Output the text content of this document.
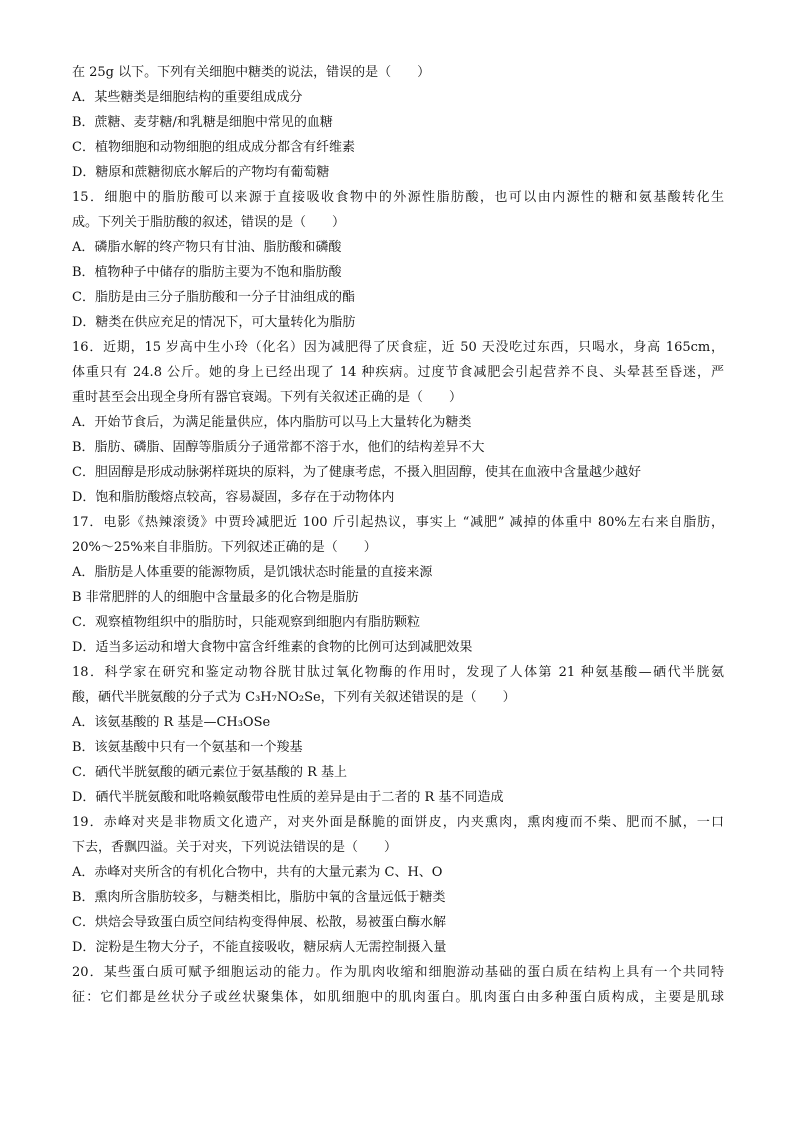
在 25g 以下。下列有关细胞中糖类的说法，错误的是（　　）
A．某些糖类是细胞结构的重要组成成分
B．蔗糖、麦芽糖/和乳糖是细胞中常见的血糖
C．植物细胞和动物细胞的组成成分都含有纤维素
D．糖原和蔗糖彻底水解后的产物均有葡萄糖
15．细胞中的脂肪酸可以来源于直接吸收食物中的外源性脂肪酸，也可以由内源性的糖和氨基酸转化生
成。下列关于脂肪酸的叙述，错误的是（　　）
A．磷脂水解的终产物只有甘油、脂肪酸和磷酸
B．植物种子中储存的脂肪主要为不饱和脂肪酸
C．脂肪是由三分子脂肪酸和一分子甘油组成的酯
D．糖类在供应充足的情况下，可大量转化为脂肪
16．近期，15 岁高中生小玲（化名）因为减肥得了厌食症，近 50 天没吃过东西，只喝水，身高 165cm，
体重只有 24.8 公斤。她的身上已经出现了 14 种疾病。过度节食减肥会引起营养不良、头晕甚至昏迷，严
重时甚至会出现全身所有器官衰竭。下列有关叙述正确的是（　　）
A．开始节食后，为满足能量供应，体内脂肪可以马上大量转化为糖类
B．脂肪、磷脂、固醇等脂质分子通常都不溶于水，他们的结构差异不大
C．胆固醇是形成动脉粥样斑块的原料，为了健康考虑，不摄入胆固醇，使其在血液中含量越少越好
D．饱和脂肪酸熔点较高，容易凝固，多存在于动物体内
17．电影《热辣滚烫》中贾玲减肥近 100 斤引起热议，事实上 “减肥” 减掉的体重中 80%左右来自脂肪，
20%～25%来自非脂肪。下列叙述正确的是（　　）
A．脂肪是人体重要的能源物质，是饥饿状态时能量的直接来源
B 非常肥胖的人的细胞中含量最多的化合物是脂肪
C．观察植物组织中的脂肪时，只能观察到细胞内有脂肪颗粒
D．适当多运动和增大食物中富含纤维素的食物的比例可达到减肥效果
18．科学家在研究和鉴定动物谷胱甘肽过氧化物酶的作用时，发现了人体第 21 种氨基酸—硒代半胱氨
酸，硒代半胱氨酸的分子式为 C₃H₇NO₂Se，下列有关叙述错误的是（　　）
A．该氨基酸的 R 基是—CH₃OSe
B．该氨基酸中只有一个氨基和一个羧基
C．硒代半胱氨酸的硒元素位于氨基酸的 R 基上
D．硒代半胱氨酸和吡咯赖氨酸带电性质的差异是由于二者的 R 基不同造成
19．赤峰对夹是非物质文化遗产，对夹外面是酥脆的面饼皮，内夹熏肉，熏肉瘦而不柴、肥而不腻，一口
下去，香飘四溢。关于对夹，下列说法错误的是（　　）
A．赤峰对夹所含的有机化合物中，共有的大量元素为 C、H、O
B．熏肉所含脂肪较多，与糖类相比，脂肪中氧的含量远低于糖类
C．烘焙会导致蛋白质空间结构变得伸展、松散，易被蛋白酶水解
D．淀粉是生物大分子，不能直接吸收，糖尿病人无需控制摄入量
20．某些蛋白质可赋予细胞运动的能力。作为肌肉收缩和细胞游动基础的蛋白质在结构上具有一个共同特
征：它们都是丝状分子或丝状聚集体，如肌细胞中的肌肉蛋白。肌肉蛋白由多种蛋白质构成，主要是肌球
